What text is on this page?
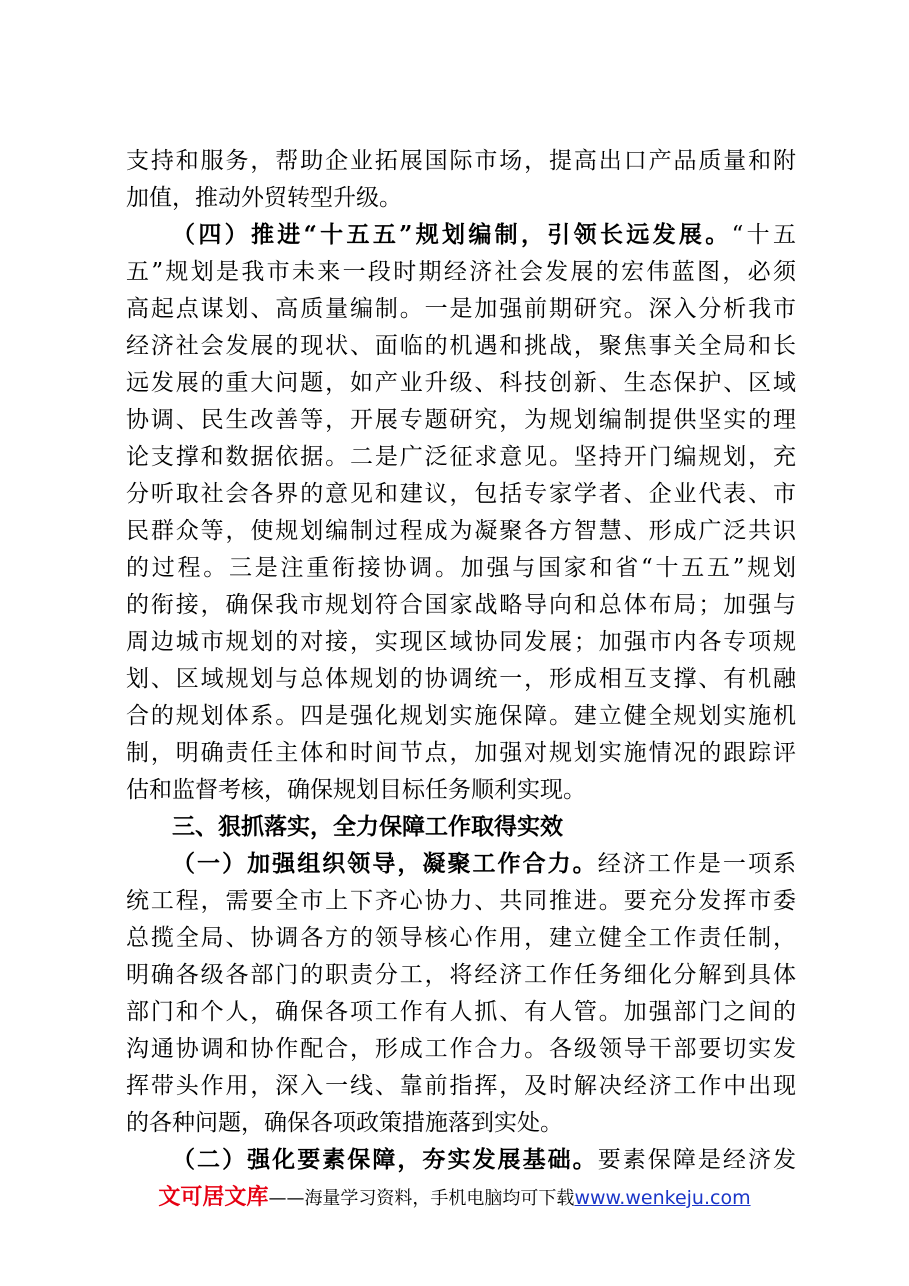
支持和服务，帮助企业拓展国际市场，提高出口产品质量和附
加值，推动外贸转型升级。
（四）推进“十五五”规划编制，引领长远发展。“十五
五”规划是我市未来一段时期经济社会发展的宏伟蓝图，必须
高起点谋划、高质量编制。一是加强前期研究。深入分析我市
经济社会发展的现状、面临的机遇和挑战，聚焦事关全局和长
远发展的重大问题，如产业升级、科技创新、生态保护、区域
协调、民生改善等，开展专题研究，为规划编制提供坚实的理
论支撑和数据依据。二是广泛征求意见。坚持开门编规划，充
分听取社会各界的意见和建议，包括专家学者、企业代表、市
民群众等，使规划编制过程成为凝聚各方智慧、形成广泛共识
的过程。三是注重衔接协调。加强与国家和省“十五五”规划
的衔接，确保我市规划符合国家战略导向和总体布局；加强与
周边城市规划的对接，实现区域协同发展；加强市内各专项规
划、区域规划与总体规划的协调统一，形成相互支撑、有机融
合的规划体系。四是强化规划实施保障。建立健全规划实施机
制，明确责任主体和时间节点，加强对规划实施情况的跟踪评
估和监督考核，确保规划目标任务顺利实现。
三、狠抓落实，全力保障工作取得实效
（一）加强组织领导，凝聚工作合力。经济工作是一项系
统工程，需要全市上下齐心协力、共同推进。要充分发挥市委
总揽全局、协调各方的领导核心作用，建立健全工作责任制，
明确各级各部门的职责分工，将经济工作任务细化分解到具体
部门和个人，确保各项工作有人抓、有人管。加强部门之间的
沟通协调和协作配合，形成工作合力。各级领导干部要切实发
挥带头作用，深入一线、靠前指挥，及时解决经济工作中出现
的各种问题，确保各项政策措施落到实处。
（二）强化要素保障，夯实发展基础。要素保障是经济发
文可居文库——海量学习资料，手机电脑均可下载www.wenkeju.com
